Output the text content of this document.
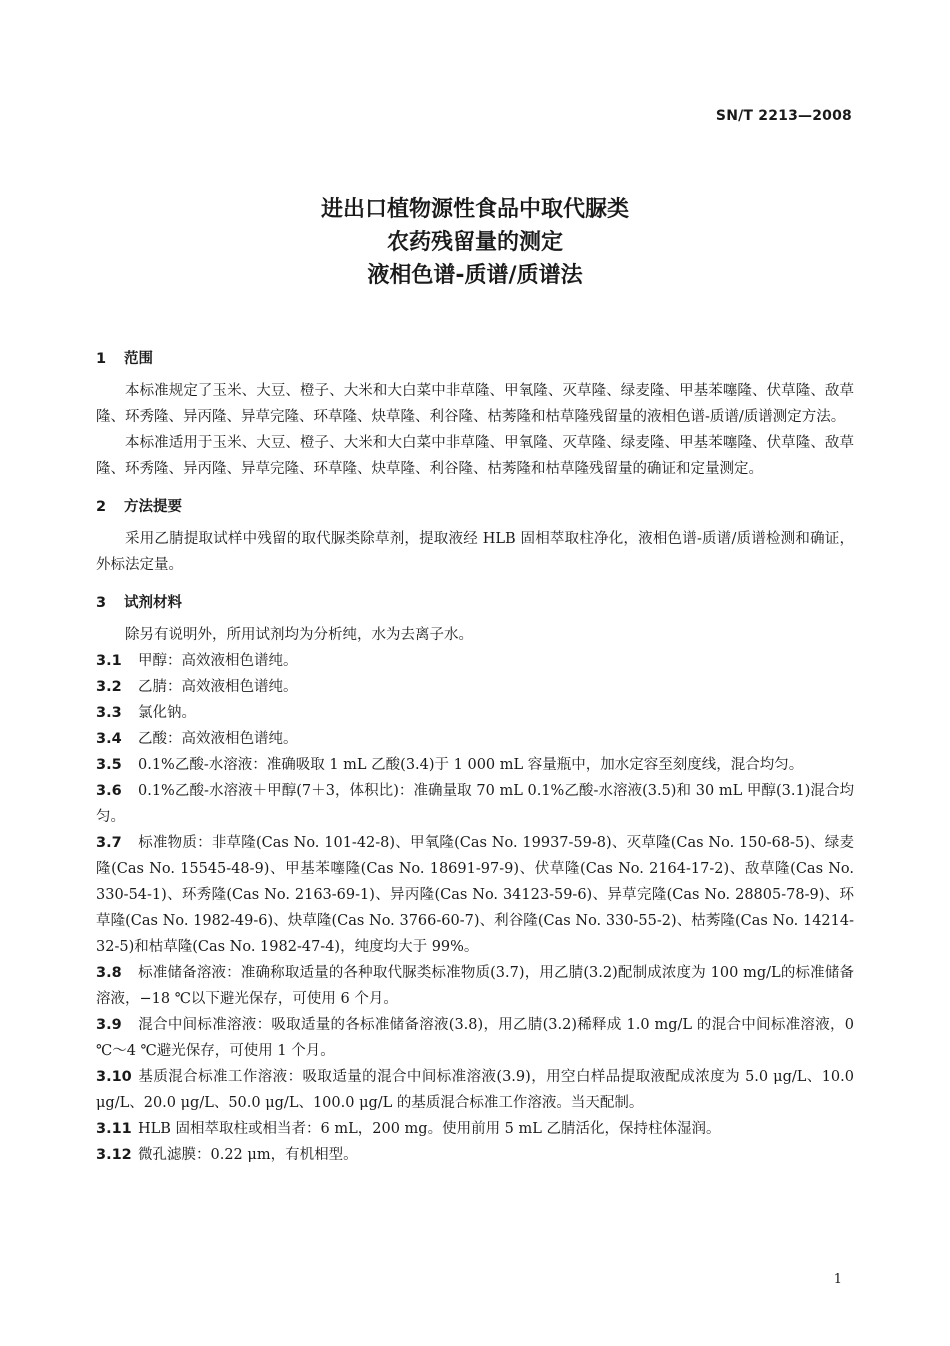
SN/T 2213—2008
进出口植物源性食品中取代脲类
农药残留量的测定
液相色谱-质谱/质谱法
1 范围
本标准规定了玉米、大豆、橙子、大米和大白菜中非草隆、甲氧隆、灭草隆、绿麦隆、甲基苯噻隆、伏草隆、敌草隆、环秀隆、异丙隆、异草完隆、环草隆、炔草隆、利谷隆、枯莠隆和枯草隆残留量的液相色谱-质谱/质谱测定方法。
本标准适用于玉米、大豆、橙子、大米和大白菜中非草隆、甲氧隆、灭草隆、绿麦隆、甲基苯噻隆、伏草隆、敌草隆、环秀隆、异丙隆、异草完隆、环草隆、炔草隆、利谷隆、枯莠隆和枯草隆残留量的确证和定量测定。
2 方法提要
采用乙腈提取试样中残留的取代脲类除草剂，提取液经 HLB 固相萃取柱净化，液相色谱-质谱/质谱检测和确证，外标法定量。
3 试剂材料
除另有说明外，所用试剂均为分析纯，水为去离子水。
3.1 甲醇：高效液相色谱纯。
3.2 乙腈：高效液相色谱纯。
3.3 氯化钠。
3.4 乙酸：高效液相色谱纯。
3.5 0.1%乙酸-水溶液：准确吸取 1 mL 乙酸(3.4)于 1 000 mL 容量瓶中，加水定容至刻度线，混合均匀。
3.6 0.1%乙酸-水溶液＋甲醇(7＋3，体积比)：准确量取 70 mL 0.1%乙酸-水溶液(3.5)和 30 mL 甲醇(3.1)混合均匀。
3.7 标准物质：非草隆(Cas No. 101-42-8)、甲氧隆(Cas No. 19937-59-8)、灭草隆(Cas No. 150-68-5)、绿麦隆(Cas No. 15545-48-9)、甲基苯噻隆(Cas No. 18691-97-9)、伏草隆(Cas No. 2164-17-2)、敌草隆(Cas No. 330-54-1)、环秀隆(Cas No. 2163-69-1)、异丙隆(Cas No. 34123-59-6)、异草完隆(Cas No. 28805-78-9)、环草隆(Cas No. 1982-49-6)、炔草隆(Cas No. 3766-60-7)、利谷隆(Cas No. 330-55-2)、枯莠隆(Cas No. 14214-32-5)和枯草隆(Cas No. 1982-47-4)，纯度均大于 99%。
3.8 标准储备溶液：准确称取适量的各种取代脲类标准物质(3.7)，用乙腈(3.2)配制成浓度为 100 mg/L的标准储备溶液，−18 ℃以下避光保存，可使用 6 个月。
3.9 混合中间标准溶液：吸取适量的各标准储备溶液(3.8)，用乙腈(3.2)稀释成 1.0 mg/L 的混合中间标准溶液，0 ℃～4 ℃避光保存，可使用 1 个月。
3.10 基质混合标准工作溶液：吸取适量的混合中间标准溶液(3.9)，用空白样品提取液配成浓度为 5.0 μg/L、10.0 μg/L、20.0 μg/L、50.0 μg/L、100.0 μg/L 的基质混合标准工作溶液。当天配制。
3.11 HLB 固相萃取柱或相当者：6 mL，200 mg。使用前用 5 mL 乙腈活化，保持柱体湿润。
3.12 微孔滤膜：0.22 μm，有机相型。
1
